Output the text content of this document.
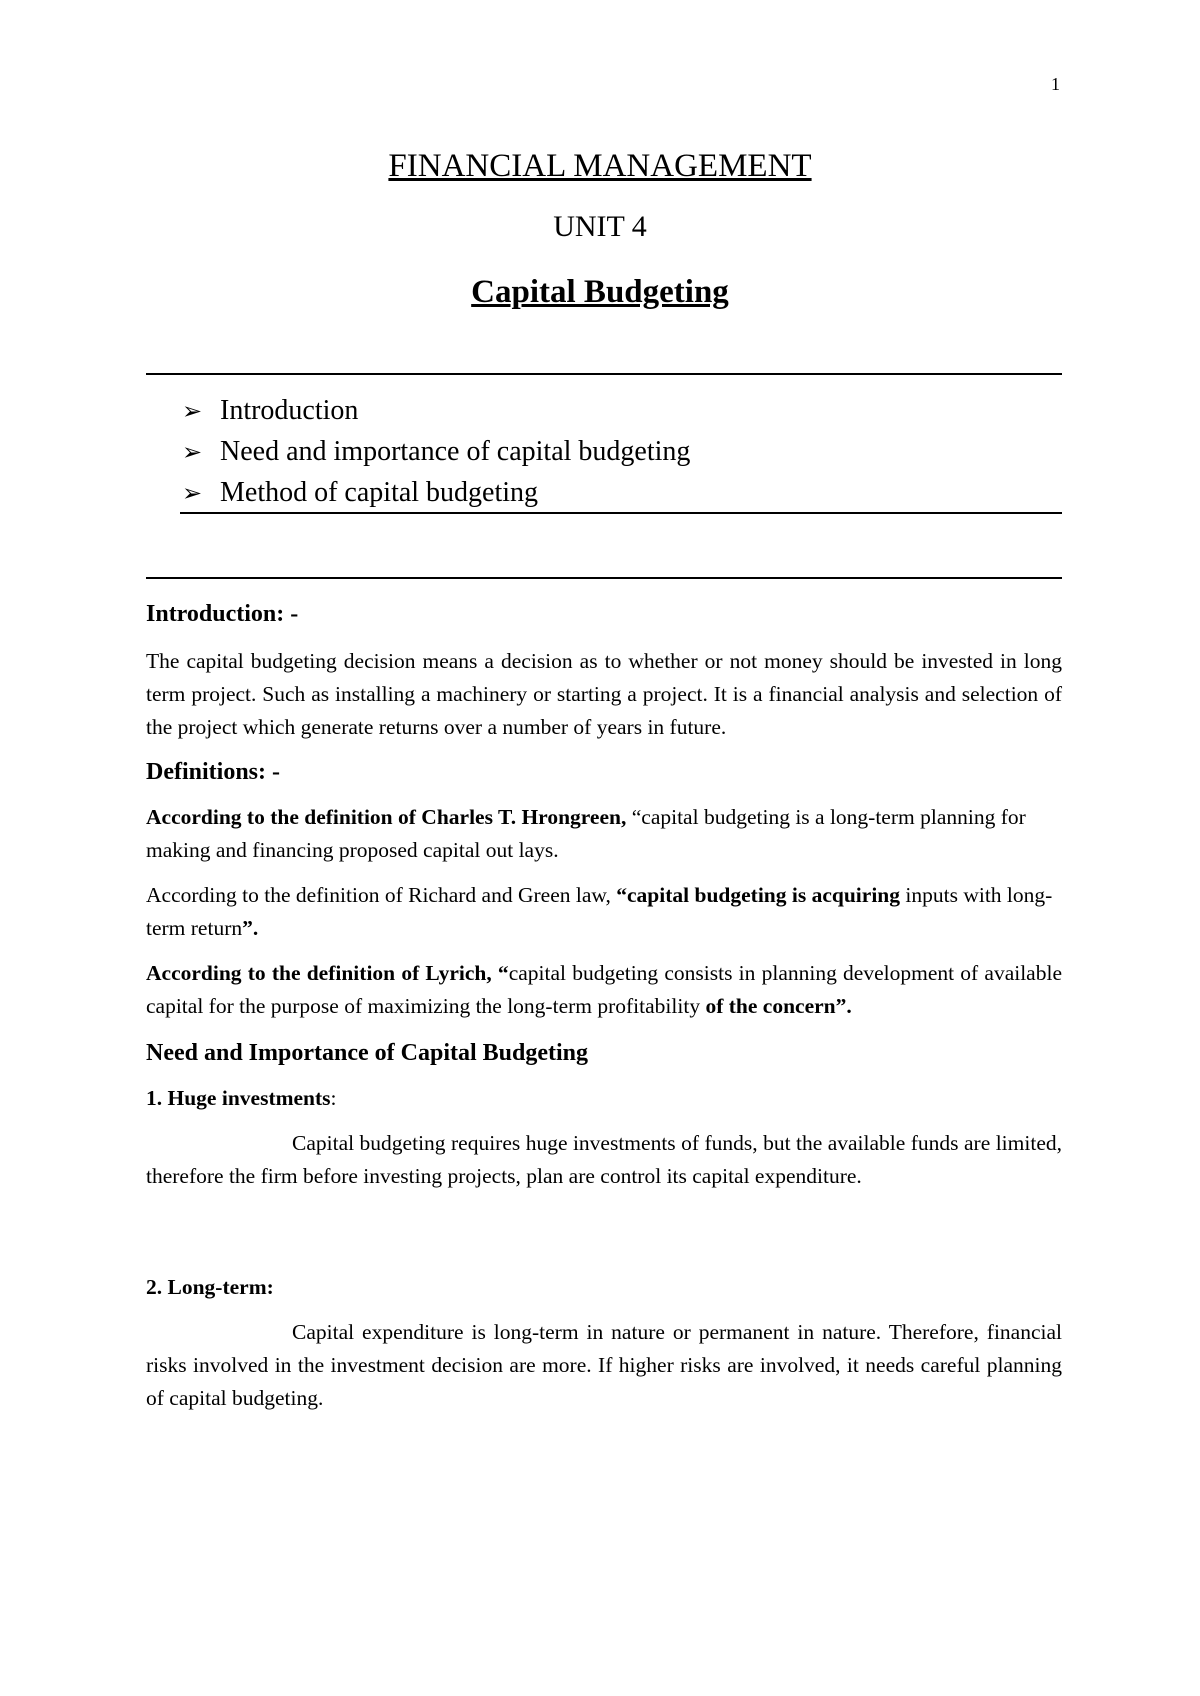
1
FINANCIAL MANAGEMENT
UNIT 4
Capital Budgeting
➢ Introduction
➢ Need and importance of capital budgeting
➢ Method of capital budgeting

Introduction: -

The capital budgeting decision means a decision as to whether or not money should be invested in long term project. Such as installing a machinery or starting a project. It is a financial analysis and selection of the project which generate returns over a number of years in future.

Definitions: -

According to the definition of Charles T. Hrongreen, “capital budgeting is a long-term planning for making and financing proposed capital out lays.

According to the definition of Richard and Green law, “capital budgeting is acquiring inputs with long-term return”.

According to the definition of Lyrich, “capital budgeting consists in planning development of available capital for the purpose of maximizing the long-term profitability of the concern”.

Need and Importance of Capital Budgeting

1. Huge investments:

Capital budgeting requires huge investments of funds, but the available funds are limited, therefore the firm before investing projects, plan are control its capital expenditure.

2. Long-term:

Capital expenditure is long-term in nature or permanent in nature. Therefore, financial risks involved in the investment decision are more. If higher risks are involved, it needs careful planning of capital budgeting.
